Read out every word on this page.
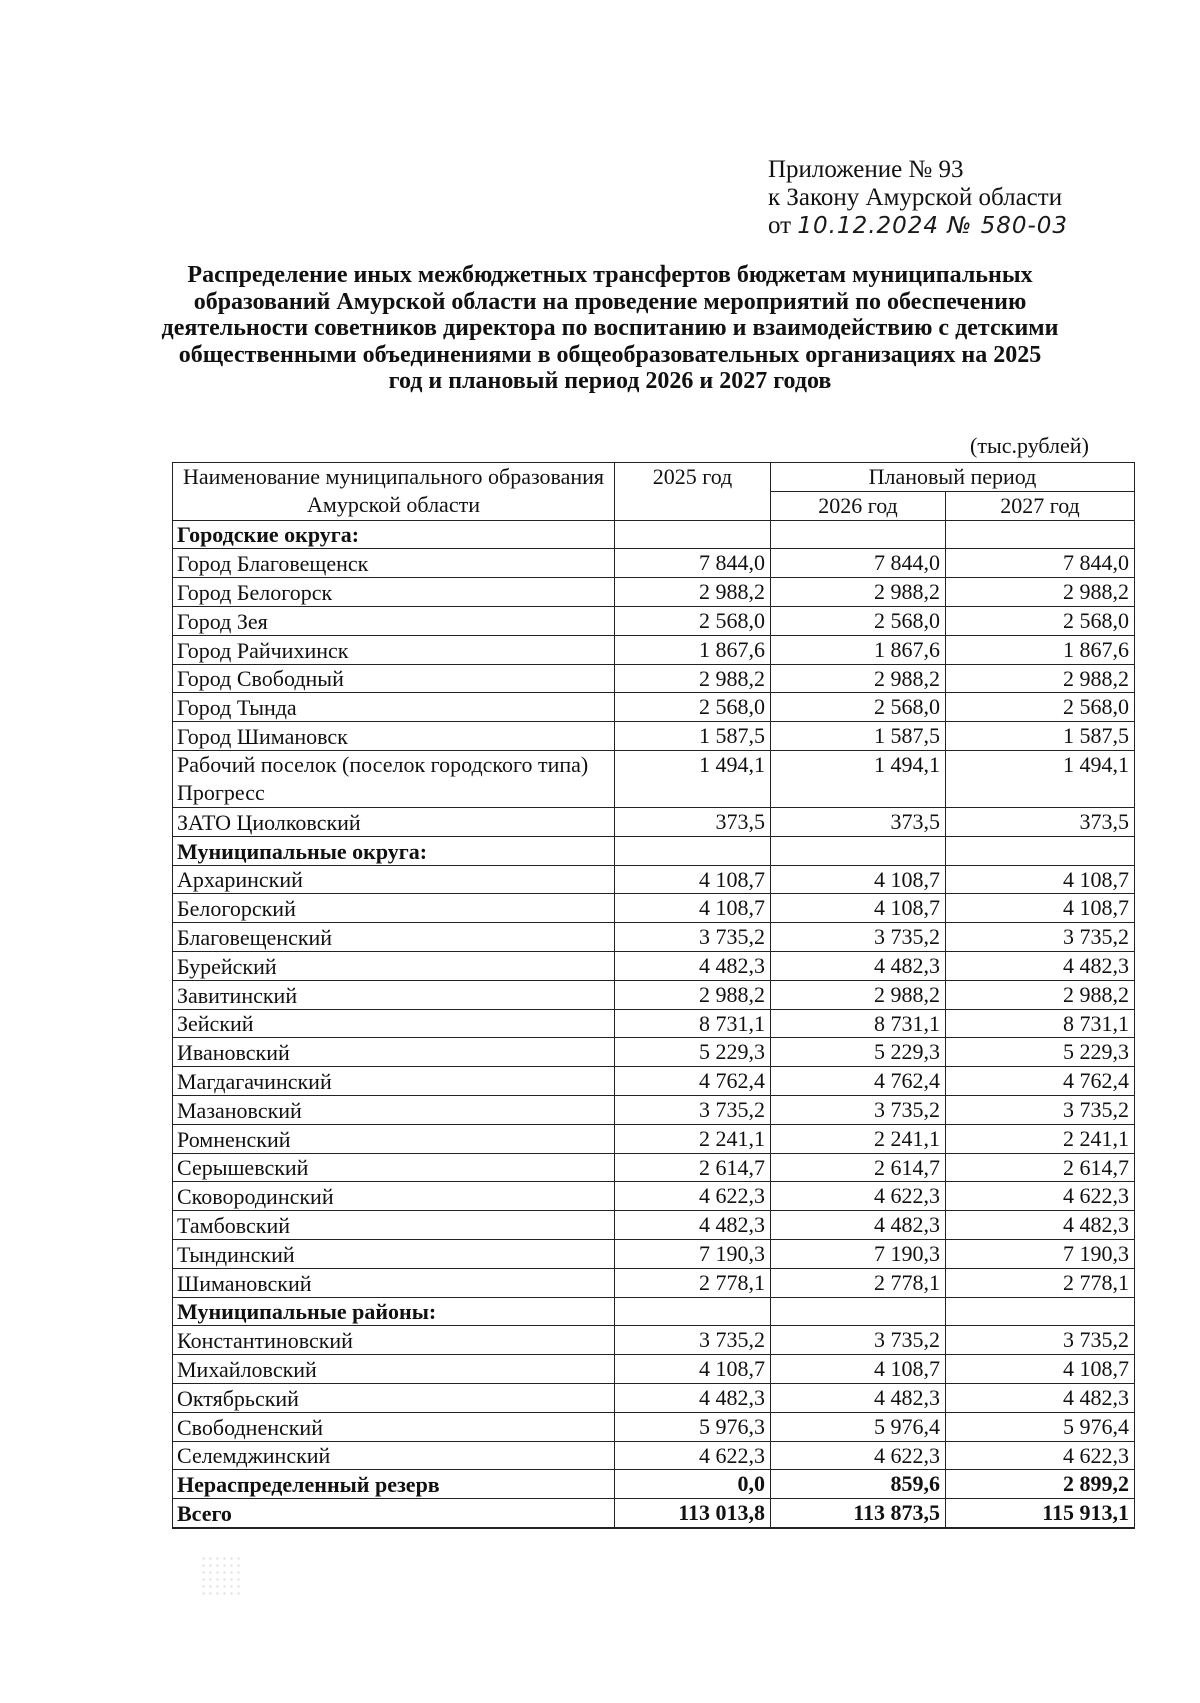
Приложение № 93
к Закону Амурской области
от 10.12.2024 № 580-03
Распределение иных межбюджетных трансфертов бюджетам муниципальных образований Амурской области на проведение мероприятий по обеспечению деятельности советников директора по воспитанию и взаимодействию с детскими общественными объединениями в общеобразовательных организациях на 2025 год и плановый период 2026 и 2027 годов
(тыс.рублей)
Наименование муниципального образования Амурской области	2025 год	Плановый период	
		2026 год	2027 год
Городские округа:			
Город Благовещенск	7 844,0	7 844,0	7 844,0
Город Белогорск	2 988,2	2 988,2	2 988,2
Город Зея	2 568,0	2 568,0	2 568,0
Город Райчихинск	1 867,6	1 867,6	1 867,6
Город Свободный	2 988,2	2 988,2	2 988,2
Город Тында	2 568,0	2 568,0	2 568,0
Город Шимановск	1 587,5	1 587,5	1 587,5
Рабочий поселок (поселок городского типа) Прогресс	1 494,1	1 494,1	1 494,1
ЗАТО Циолковский	373,5	373,5	373,5
Муниципальные округа:			
Архаринский	4 108,7	4 108,7	4 108,7
Белогорский	4 108,7	4 108,7	4 108,7
Благовещенский	3 735,2	3 735,2	3 735,2
Бурейский	4 482,3	4 482,3	4 482,3
Завитинский	2 988,2	2 988,2	2 988,2
Зейский	8 731,1	8 731,1	8 731,1
Ивановский	5 229,3	5 229,3	5 229,3
Магдагачинский	4 762,4	4 762,4	4 762,4
Мазановский	3 735,2	3 735,2	3 735,2
Ромненский	2 241,1	2 241,1	2 241,1
Серышевский	2 614,7	2 614,7	2 614,7
Сковородинский	4 622,3	4 622,3	4 622,3
Тамбовский	4 482,3	4 482,3	4 482,3
Тындинский	7 190,3	7 190,3	7 190,3
Шимановский	2 778,1	2 778,1	2 778,1
Муниципальные районы:			
Константиновский	3 735,2	3 735,2	3 735,2
Михайловский	4 108,7	4 108,7	4 108,7
Октябрьский	4 482,3	4 482,3	4 482,3
Свободненский	5 976,3	5 976,4	5 976,4
Селемджинский	4 622,3	4 622,3	4 622,3
Нераспределенный резерв	0,0	859,6	2 899,2
Всего	113 013,8	113 873,5	115 913,1
